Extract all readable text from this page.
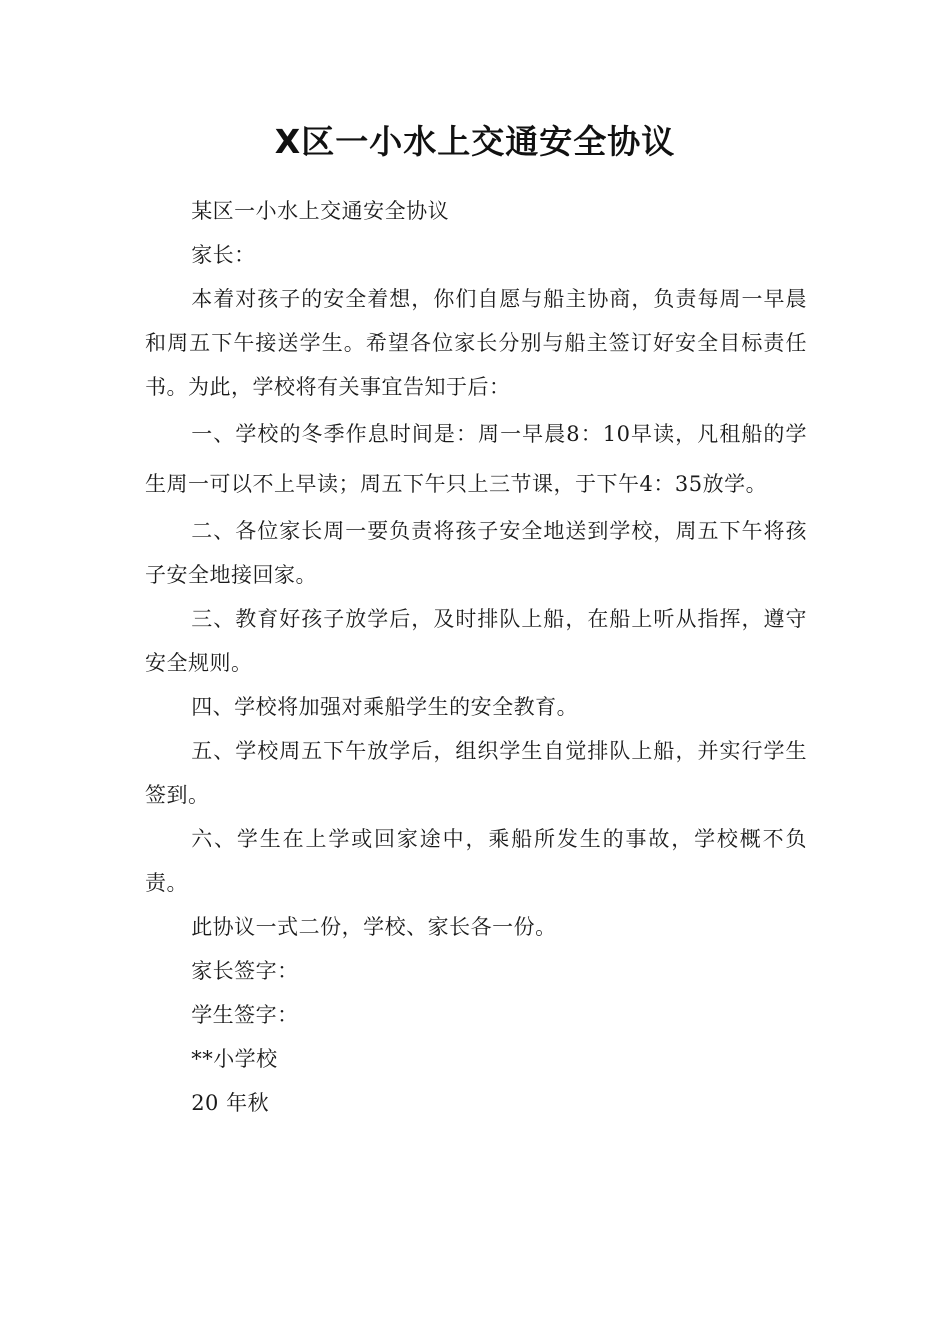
X区一小水上交通安全协议

某区一小水上交通安全协议

家长：

本着对孩子的安全着想，你们自愿与船主协商，负责每周一早晨和周五下午接送学生。希望各位家长分别与船主签订好安全目标责任书。为此，学校将有关事宜告知于后：

一、学校的冬季作息时间是：周一早晨8：10早读，凡租船的学生周一可以不上早读；周五下午只上三节课，于下午4：35放学。

二、各位家长周一要负责将孩子安全地送到学校，周五下午将孩子安全地接回家。

三、教育好孩子放学后，及时排队上船，在船上听从指挥，遵守安全规则。

四、学校将加强对乘船学生的安全教育。

五、学校周五下午放学后，组织学生自觉排队上船，并实行学生签到。

六、学生在上学或回家途中，乘船所发生的事故，学校概不负责。

此协议一式二份，学校、家长各一份。

家长签字：

学生签字：

**小学校

20 年秋
